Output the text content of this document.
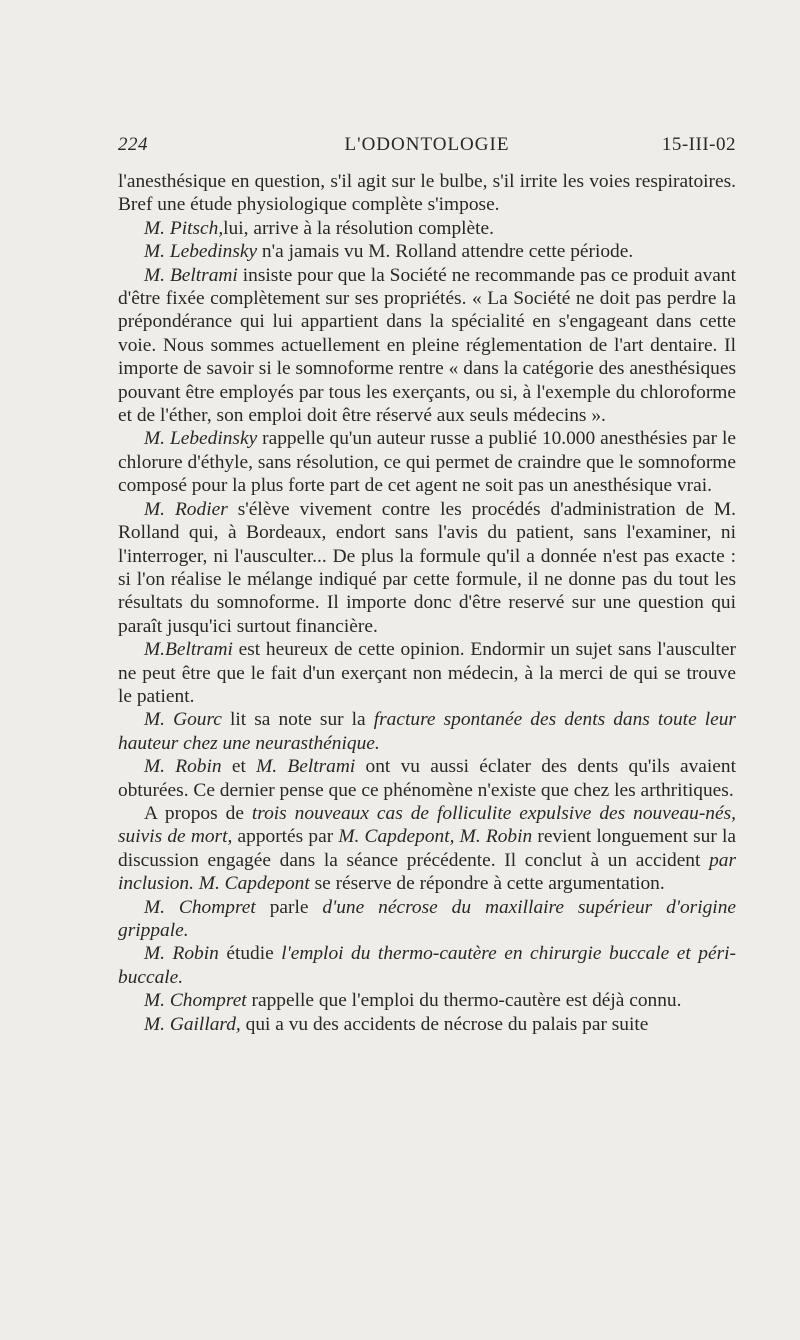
224	L'ODONTOLOGIE	15-III-02

l'anesthésique en question, s'il agit sur le bulbe, s'il irrite les voies respiratoires. Bref une étude physiologique complète s'impose.

M. Pitsch,lui, arrive à la résolution complète.

M. Lebedinsky n'a jamais vu M. Rolland attendre cette période.

M. Beltrami insiste pour que la Société ne recommande pas ce produit avant d'être fixée complètement sur ses propriétés. « La Société ne doit pas perdre la prépondérance qui lui appartient dans la spécialité en s'engageant dans cette voie. Nous sommes actuellement en pleine réglementation de l'art dentaire. Il importe de savoir si le somnoforme rentre « dans la catégorie des anesthésiques pouvant être employés par tous les exerçants, ou si, à l'exemple du chloroforme et de l'éther, son emploi doit être réservé aux seuls médecins ».

M. Lebedinsky rappelle qu'un auteur russe a publié 10.000 anesthésies par le chlorure d'éthyle, sans résolution, ce qui permet de craindre que le somnoforme composé pour la plus forte part de cet agent ne soit pas un anesthésique vrai.

M. Rodier s'élève vivement contre les procédés d'administration de M. Rolland qui, à Bordeaux, endort sans l'avis du patient, sans l'examiner, ni l'interroger, ni l'ausculter... De plus la formule qu'il a donnée n'est pas exacte : si l'on réalise le mélange indiqué par cette formule, il ne donne pas du tout les résultats du somnoforme. Il importe donc d'être reservé sur une question qui paraît jusqu'ici surtout financière.

M.Beltrami est heureux de cette opinion. Endormir un sujet sans l'ausculter ne peut être que le fait d'un exerçant non médecin, à la merci de qui se trouve le patient.

M. Gourc lit sa note sur la fracture spontanée des dents dans toute leur hauteur chez une neurasthénique.

M. Robin et M. Beltrami ont vu aussi éclater des dents qu'ils avaient obturées. Ce dernier pense que ce phénomène n'existe que chez les arthritiques.

A propos de trois nouveaux cas de folliculite expulsive des nouveau-nés, suivis de mort, apportés par M. Capdepont, M. Robin revient longuement sur la discussion engagée dans la séance précédente. Il conclut à un accident par inclusion. M. Capdepont se réserve de répondre à cette argumentation.

M. Chompret parle d'une nécrose du maxillaire supérieur d'origine grippale.

M. Robin étudie l'emploi du thermo-cautère en chirurgie buccale et péri-buccale.

M. Chompret rappelle que l'emploi du thermo-cautère est déjà connu.

M. Gaillard, qui a vu des accidents de nécrose du palais par suite
